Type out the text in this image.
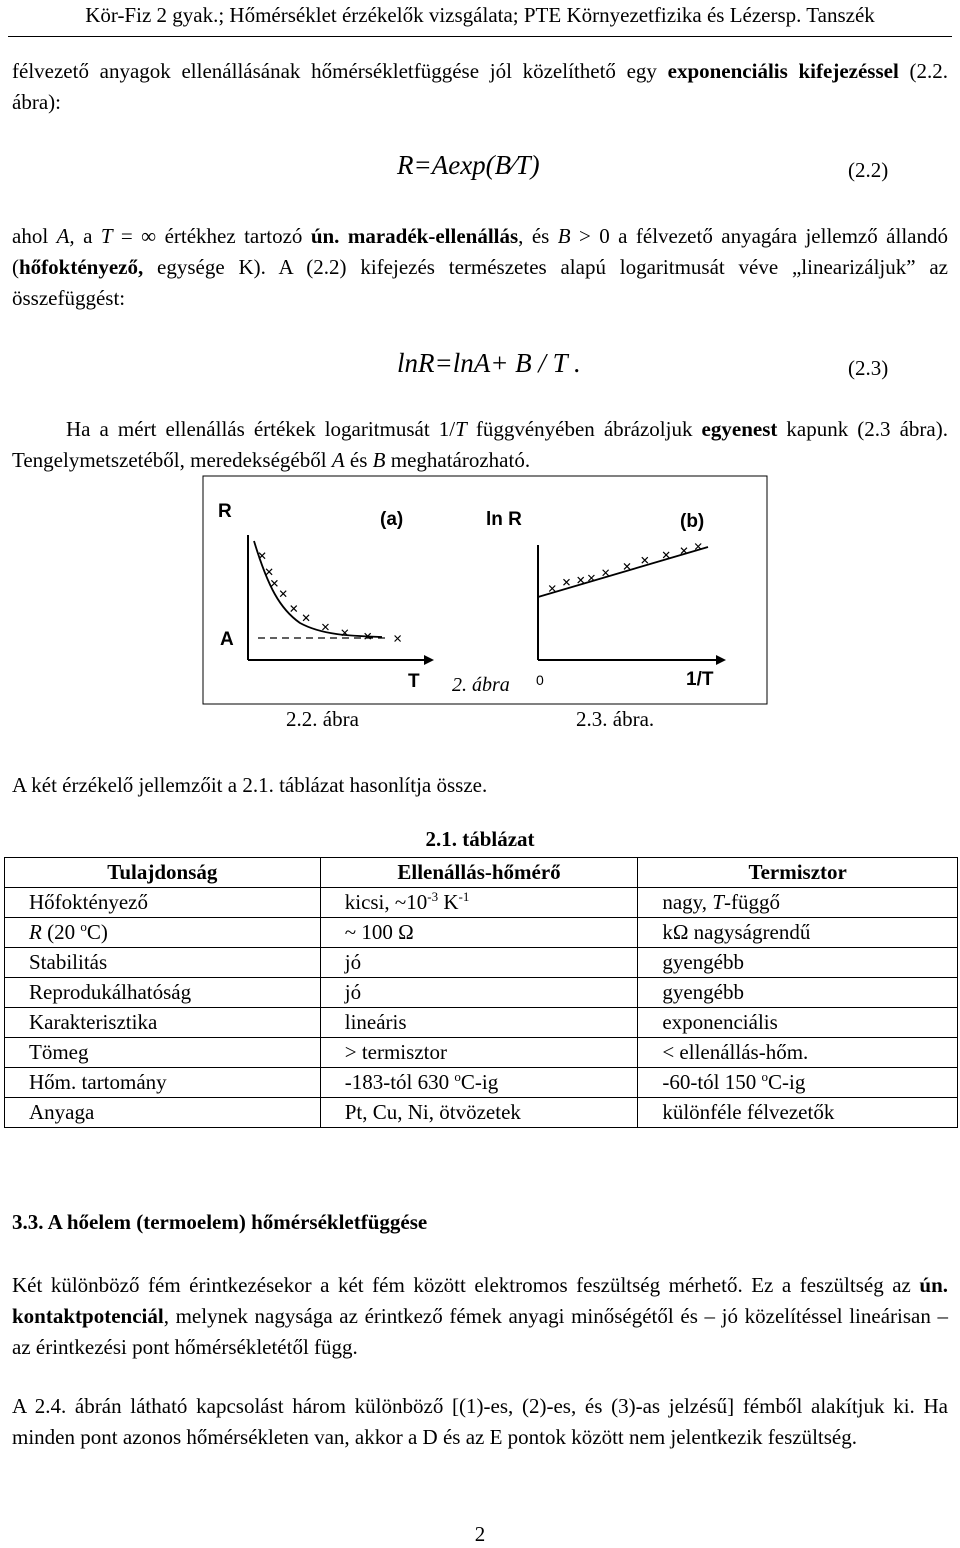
Kör-Fiz 2 gyak.; Hőmérséklet érzékelők vizsgálata; PTE Környezetfizika és Lézersp. Tanszék
félvezető anyagok ellenállásának hőmérsékletfüggése jól közelíthető egy exponenciális kifejezéssel (2.2. ábra):
R=Aexp(B∕T)	(2.2)
ahol A, a T = ∞ értékhez tartozó ún. maradék-ellenállás, és B > 0 a félvezető anyagára jellemző állandó (hőfoktényező, egysége K). A (2.2) kifejezés természetes alapú logaritmusát véve „linearizáljuk” az összefüggést:
lnR=lnA+ B / T .	(2.3)
Ha a mért ellenállás értékek logaritmusát 1/T függvényében ábrázoljuk egyenest kapunk (2.3 ábra). Tengelymetszetéből, meredekségéből A és B meghatározható.
R	(a)
A
T
ln R	(b)
1/T
0
2. ábra
2.2. ábra	2.3. ábra.
A két érzékelő jellemzőit a 2.1. táblázat hasonlítja össze.
2.1. táblázat
Tulajdonság	Ellenállás-hőmérő	Termisztor
Hőfoktényező	kicsi, $\sim 10^{-3}$ $K^{-1}$	nagy, T-függő
R (20 $^o$C)	~ 100 Ω	kΩ nagyságrendű
Stabilitás	jó	gyengébb
Reprodukálhatóság	jó	gyengébb
Karakterisztika	lineáris	exponenciális
Tömeg	> termisztor	< ellenállás-hőm.
Hőm. tartomány	-183-tól 630 $^o$C-ig	-60-tól 150 $^o$C-ig
Anyaga	Pt, Cu, Ni, ötvözetek	különféle félvezetők
3.3. A hőelem (termoelem) hőmérsékletfüggése
Két különböző fém érintkezésekor a két fém között elektromos feszültség mérhető. Ez a feszültség az ún. kontaktpotenciál, melynek nagysága az érintkező fémek anyagi minőségétől és – jó közelítéssel lineárisan – az érintkezési pont hőmérsékletétől függ.
A 2.4. ábrán látható kapcsolást három különböző [(1)-es, (2)-es, és (3)-as jelzésű] fémből alakítjuk ki. Ha minden pont azonos hőmérsékleten van, akkor a D és az E pontok között nem jelentkezik feszültség.
2
